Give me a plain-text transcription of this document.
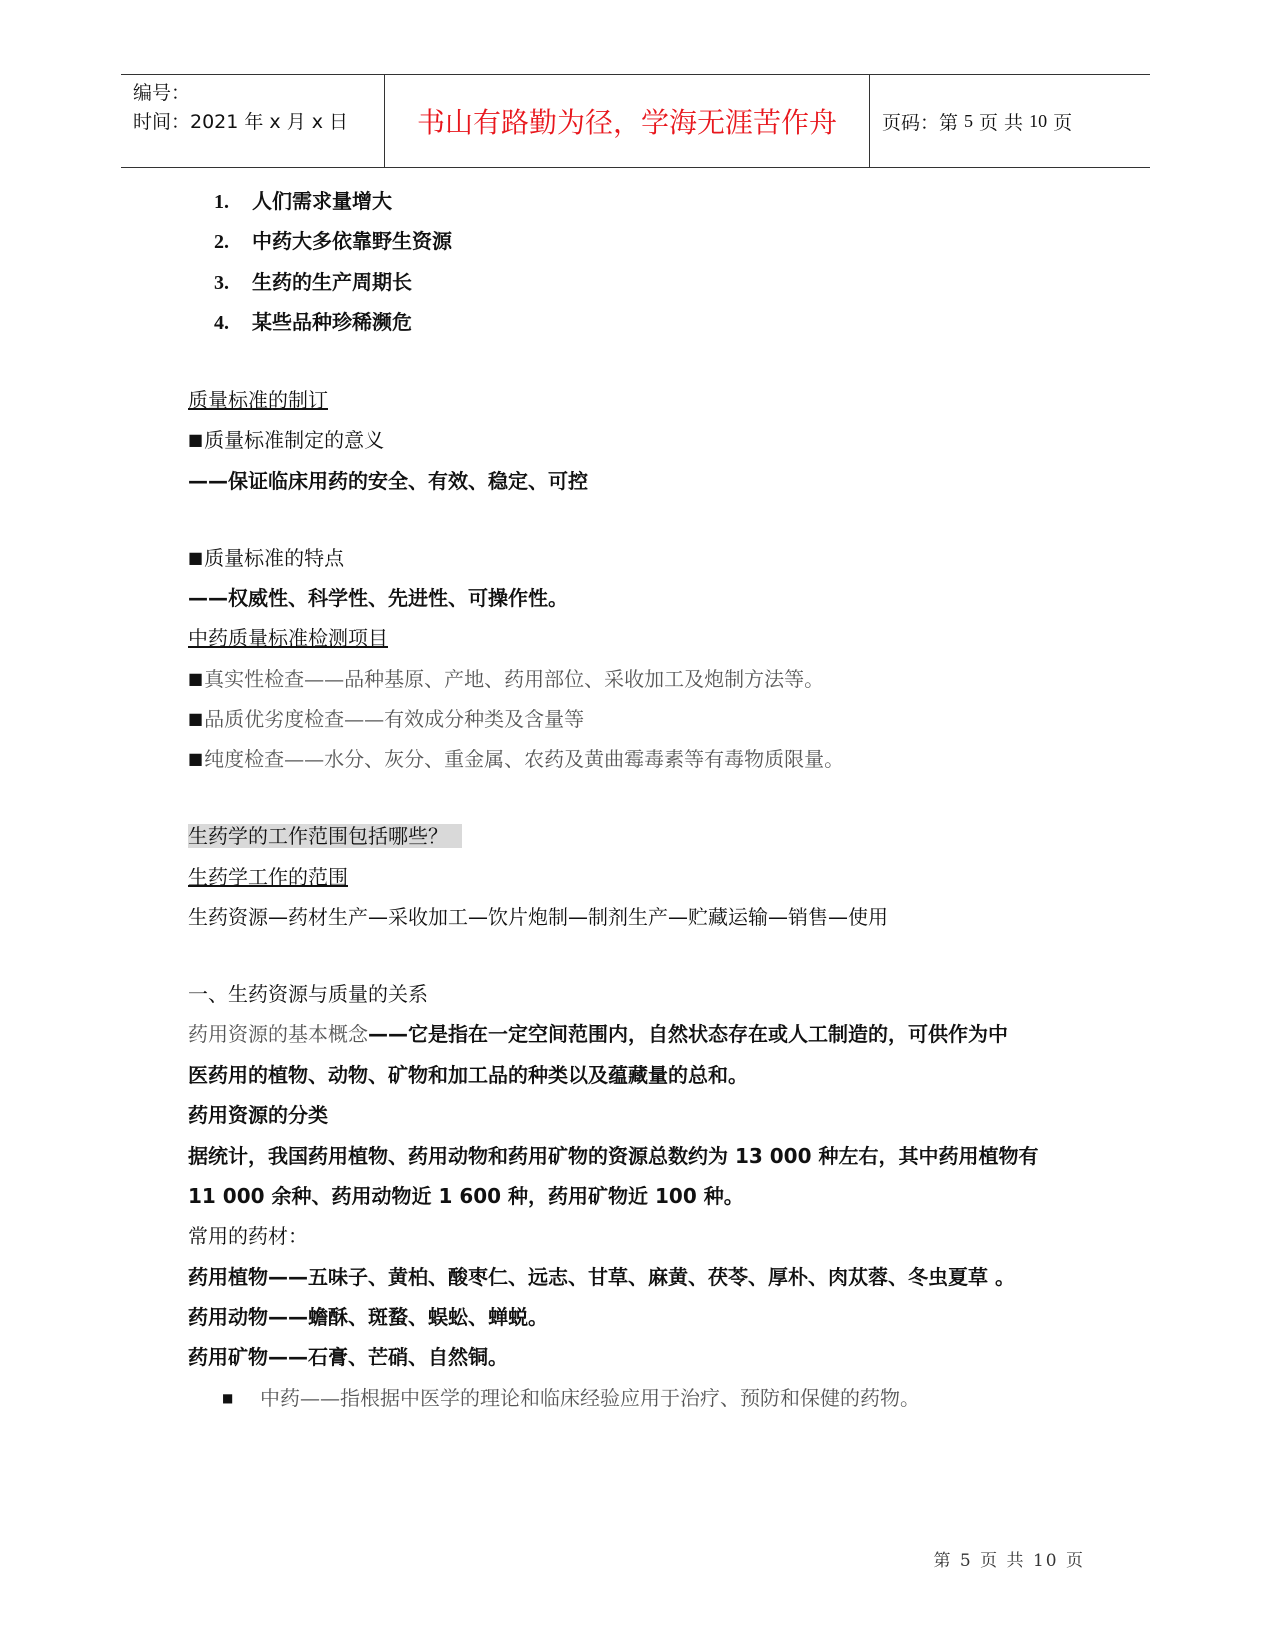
编号：
时间：2021 年 x 月 x 日	书山有路勤为径，学海无涯苦作舟	页码：第 5 页 共 10 页
1. 人们需求量增大
2. 中药大多依靠野生资源
3. 生药的生产周期长
4. 某些品种珍稀濒危
质量标准的制订
■质量标准制定的意义
——保证临床用药的安全、有效、稳定、可控
■质量标准的特点
——权威性、科学性、先进性、可操作性。
中药质量标准检测项目
■真实性检查——品种基原、产地、药用部位、采收加工及炮制方法等。
■品质优劣度检查——有效成分种类及含量等
■纯度检查——水分、灰分、重金属、农药及黄曲霉毒素等有毒物质限量。
生药学的工作范围包括哪些？
生药学工作的范围
生药资源—药材生产—采收加工—饮片炮制—制剂生产—贮藏运输—销售—使用
一、生药资源与质量的关系
药用资源的基本概念——它是指在一定空间范围内，自然状态存在或人工制造的，可供作为中
医药用的植物、动物、矿物和加工品的种类以及蕴藏量的总和。
药用资源的分类
据统计，我国药用植物、药用动物和药用矿物的资源总数约为 13 000 种左右，其中药用植物有
11 000 余种、药用动物近 1 600 种，药用矿物近 100 种。
常用的药材：
药用植物——五味子、黄柏、酸枣仁、远志、甘草、麻黄、茯苓、厚朴、肉苁蓉、冬虫夏草 。
药用动物——蟾酥、斑蝥、蜈蚣、蝉蜕。
药用矿物——石膏、芒硝、自然铜。
■ 中药——指根据中医学的理论和临床经验应用于治疗、预防和保健的药物。
第 5 页 共 10 页
